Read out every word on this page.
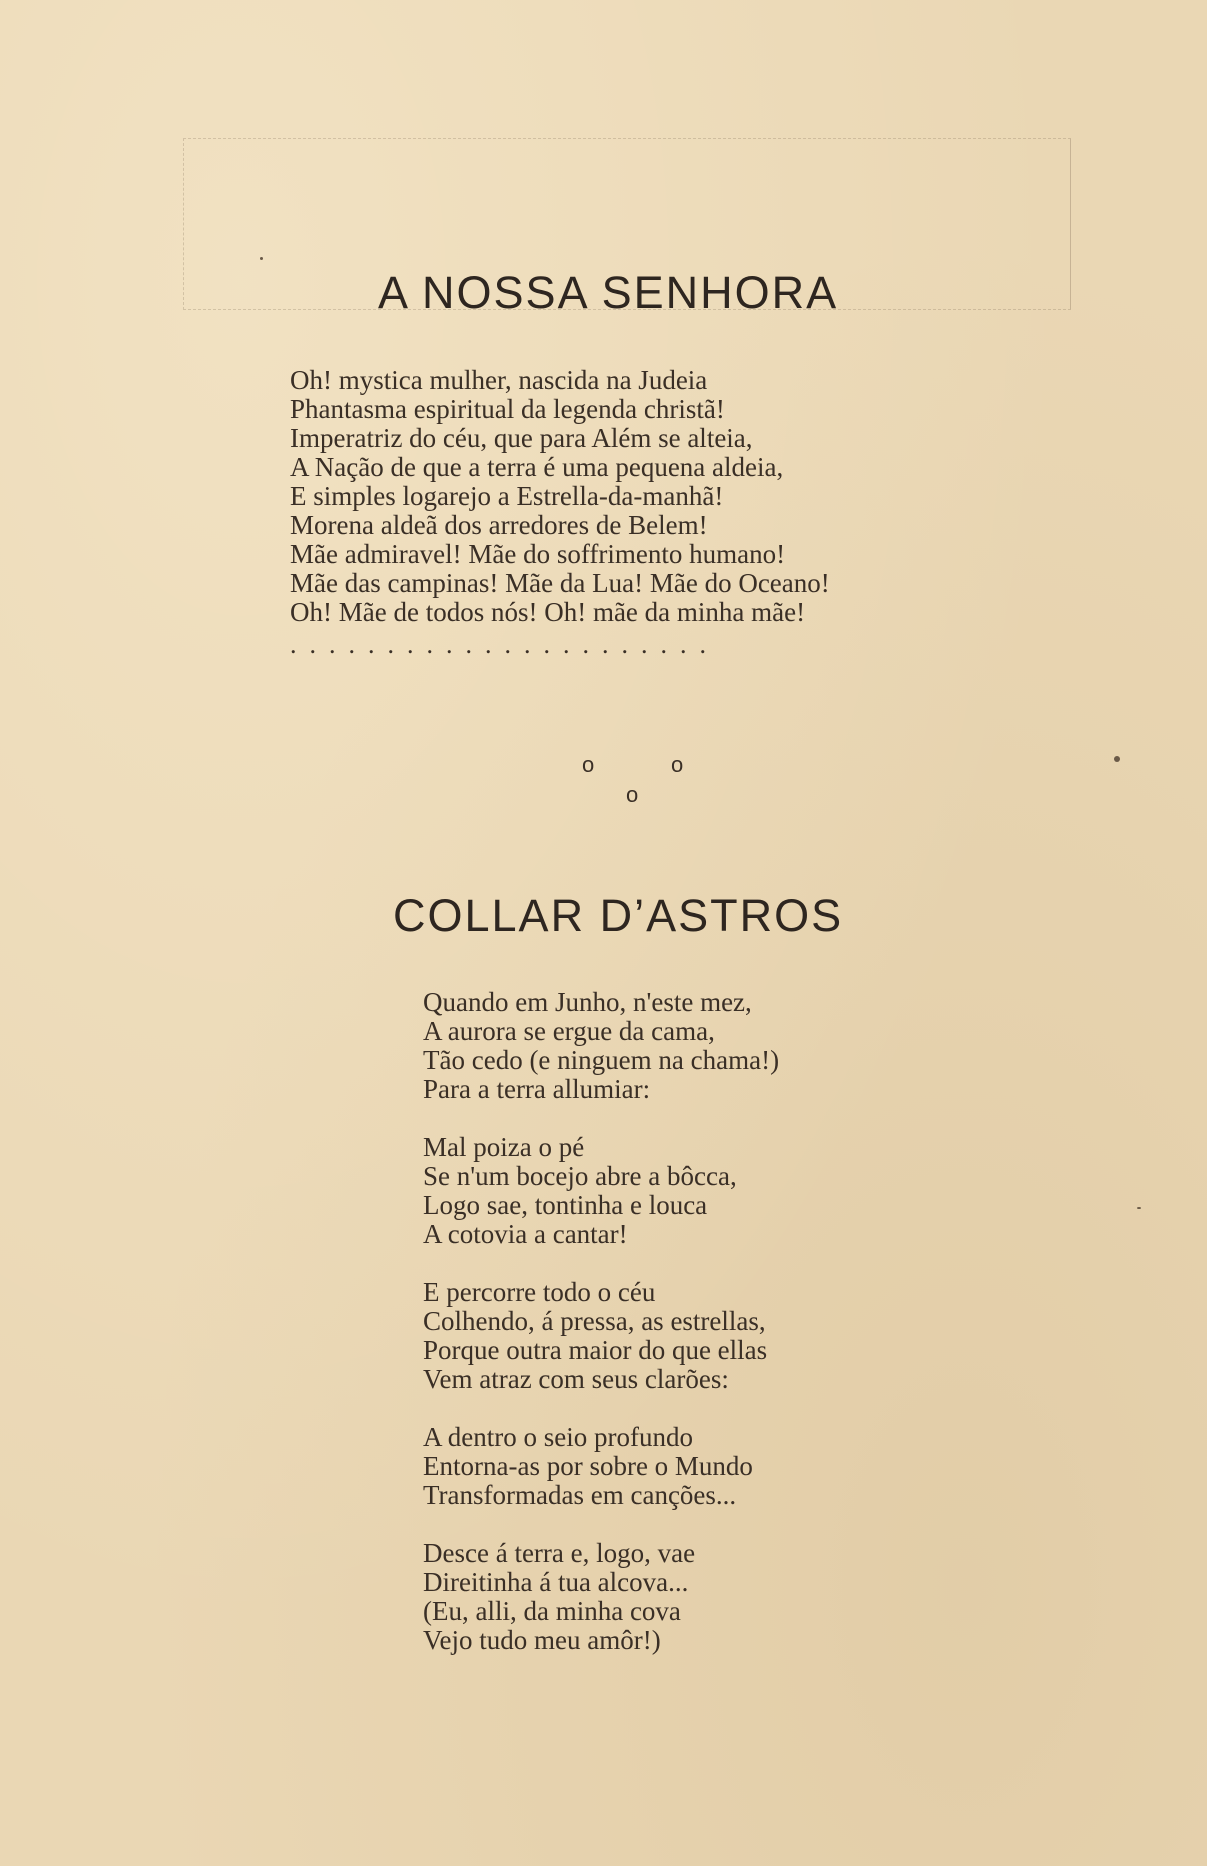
A NOSSA SENHORA
Oh! mystica mulher, nascida na Judeia
Phantasma espiritual da legenda christã!
Imperatriz do céu, que para Além se alteia,
A Nação de que a terra é uma pequena aldeia,
E simples logarejo a Estrella-da-manhã!
Morena aldeã dos arredores de Belem!
Mãe admiravel! Mãe do soffrimento humano!
Mãe das campinas! Mãe da Lua! Mãe do Oceano!
Oh! Mãe de todos nós! Oh! mãe da minha mãe!
......................
o	o
o
COLLAR D’ASTROS
Quando em Junho, n'este mez,
A aurora se ergue da cama,
Tão cedo (e ninguem na chama!)
Para a terra allumiar:
Mal poiza o pé
Se n'um bocejo abre a bôcca,
Logo sae, tontinha e louca
A cotovia a cantar!
E percorre todo o céu
Colhendo, á pressa, as estrellas,
Porque outra maior do que ellas
Vem atraz com seus clarões:
A dentro o seio profundo
Entorna-as por sobre o Mundo
Transformadas em canções...
Desce á terra e, logo, vae
Direitinha á tua alcova...
(Eu, alli, da minha cova
Vejo tudo meu amôr!)
